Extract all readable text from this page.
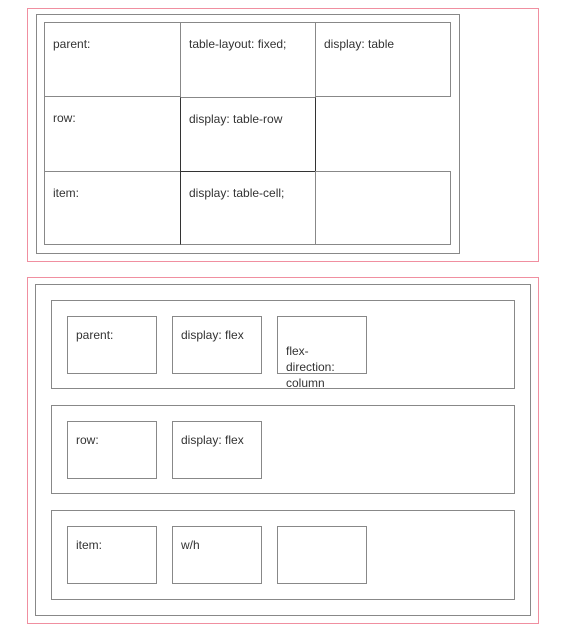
parent:	table-layout: fixed;	display: table
row:	display: table-row
item:	display: table-cell;
parent:	display: flex

flex-
direction:
column

row:	display: flex
item:	w/h
